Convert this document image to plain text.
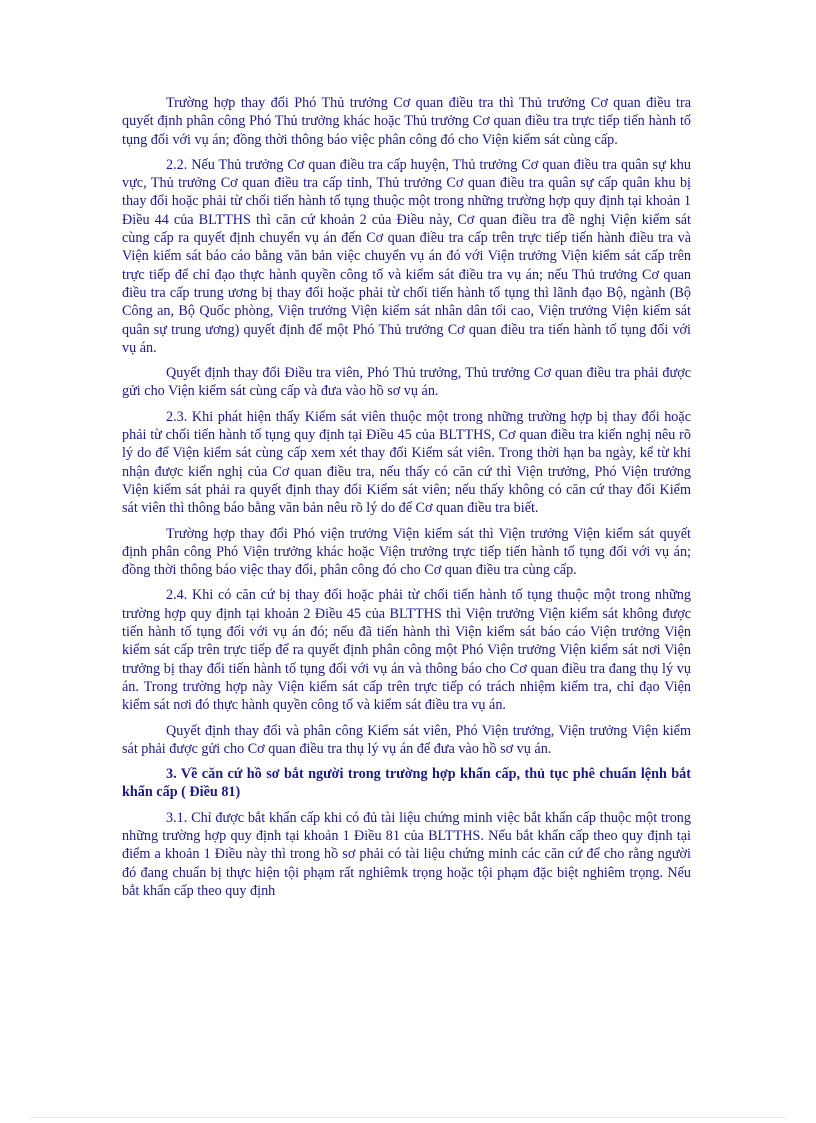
Trường hợp thay đổi Phó Thủ trưởng Cơ quan điều tra thì Thủ trưởng Cơ quan điều tra quyết định phân công Phó Thủ trưởng khác hoặc Thủ trưởng Cơ quan điều tra trực tiếp tiến hành tố tụng đối với vụ án; đồng thời thông báo việc phân công đó cho Viện kiểm sát cùng cấp.

2.2. Nếu Thủ trưởng Cơ quan điều tra cấp huyện, Thủ trưởng Cơ quan điều tra quân sự khu vực, Thủ trưởng Cơ quan điều tra cấp tỉnh, Thủ trưởng Cơ quan điều tra quân sự cấp quân khu bị thay đổi hoặc phải từ chối tiến hành tố tụng thuộc một trong những trường hợp quy định tại khoản 1 Điều 44 của BLTTHS thì căn cứ khoản 2 của Điều này, Cơ quan điều tra đề nghị Viện kiểm sát cùng cấp ra quyết định chuyển vụ án đến Cơ quan điều tra cấp trên trực tiếp tiến hành điều tra và Viện kiểm sát báo cáo bằng văn bản việc chuyển vụ án đó với Viện trưởng Viện kiểm sát cấp trên trực tiếp để chỉ đạo thực hành quyền công tố và kiểm sát điều tra vụ án; nếu Thủ trưởng Cơ quan điều tra cấp trung ương bị thay đổi hoặc phải từ chối tiến hành tố tụng thì lãnh đạo Bộ, ngành (Bộ Công an, Bộ Quốc phòng, Viện trưởng Viện kiểm sát nhân dân tối cao, Viện trưởng Viện kiểm sát quân sự trung ương) quyết định để một Phó Thủ trưởng Cơ quan điều tra tiến hành tố tụng đối với vụ án.

Quyết định thay đổi Điều tra viên, Phó Thủ trưởng, Thủ trưởng Cơ quan điều tra phải được gửi cho Viện kiểm sát cùng cấp và đưa vào hồ sơ vụ án.

2.3. Khi phát hiện thấy Kiểm sát viên thuộc một trong những trường hợp bị thay đổi hoặc phải từ chối tiến hành tố tụng quy định tại Điều 45 của BLTTHS, Cơ quan điều tra kiến nghị nêu rõ lý do để Viện kiểm sát cùng cấp xem xét thay đổi Kiểm sát viên. Trong thời hạn ba ngày, kể từ khi nhận được kiến nghị của Cơ quan điều tra, nếu thấy có căn cứ thì Viện trưởng, Phó Viện trưởng Viện kiểm sát phải ra quyết định thay đổi Kiểm sát viên; nếu thấy không có căn cứ thay đổi Kiểm sát viên thì thông báo bằng văn bản nêu rõ lý do để Cơ quan điều tra biết.

Trường hợp thay đổi Phó viện trưởng Viện kiểm sát thì Viện trưởng Viện kiểm sát quyết định phân công Phó Viện trưởng khác hoặc Viện trưởng trực tiếp tiến hành tố tụng đối với vụ án; đồng thời thông báo việc thay đổi, phân công đó cho Cơ quan điều tra cùng cấp.

2.4. Khi có căn cứ bị thay đổi hoặc phải từ chối tiến hành tố tụng thuộc một trong những trường hợp quy định tại khoản 2 Điều 45 của BLTTHS thì Viện trưởng Viện kiểm sát không được tiến hành tố tụng đối với vụ án đó; nếu đã tiến hành thì Viện kiểm sát báo cáo Viện trưởng Viện kiểm sát cấp trên trực tiếp để ra quyết định phân công một Phó Viện trưởng Viện kiểm sát nơi Viện trưởng bị thay đổi tiến hành tố tụng đối với vụ án và thông báo cho Cơ quan điều tra đang thụ lý vụ án. Trong trường hợp này Viện kiểm sát cấp trên trực tiếp có trách nhiệm kiểm tra, chỉ đạo Viện kiểm sát nơi đó thực hành quyền công tố và kiểm sát điều tra vụ án.

Quyết định thay đổi và phân công Kiểm sát viên, Phó Viện trưởng, Viện trưởng Viện kiểm sát phải được gửi cho Cơ quan điều tra thụ lý vụ án để đưa vào hồ sơ vụ án.

3. Về căn cứ hồ sơ bắt người trong trường hợp khẩn cấp, thủ tục phê chuẩn lệnh bắt khẩn cấp ( Điều 81)

3.1. Chỉ được bắt khẩn cấp khi có đủ tài liệu chứng minh việc bắt khẩn cấp thuộc một trong những trường hợp quy định tại khoản 1 Điều 81 của BLTTHS. Nếu bắt khẩn cấp theo quy định tại điểm a khoản 1 Điều này thì trong hồ sơ phải có tài liệu chứng minh các căn cứ để cho rằng người đó đang chuẩn bị thực hiện tội phạm rất nghiêmk trọng hoặc tội phạm đặc biệt nghiêm trọng. Nếu bắt khẩn cấp theo quy định
